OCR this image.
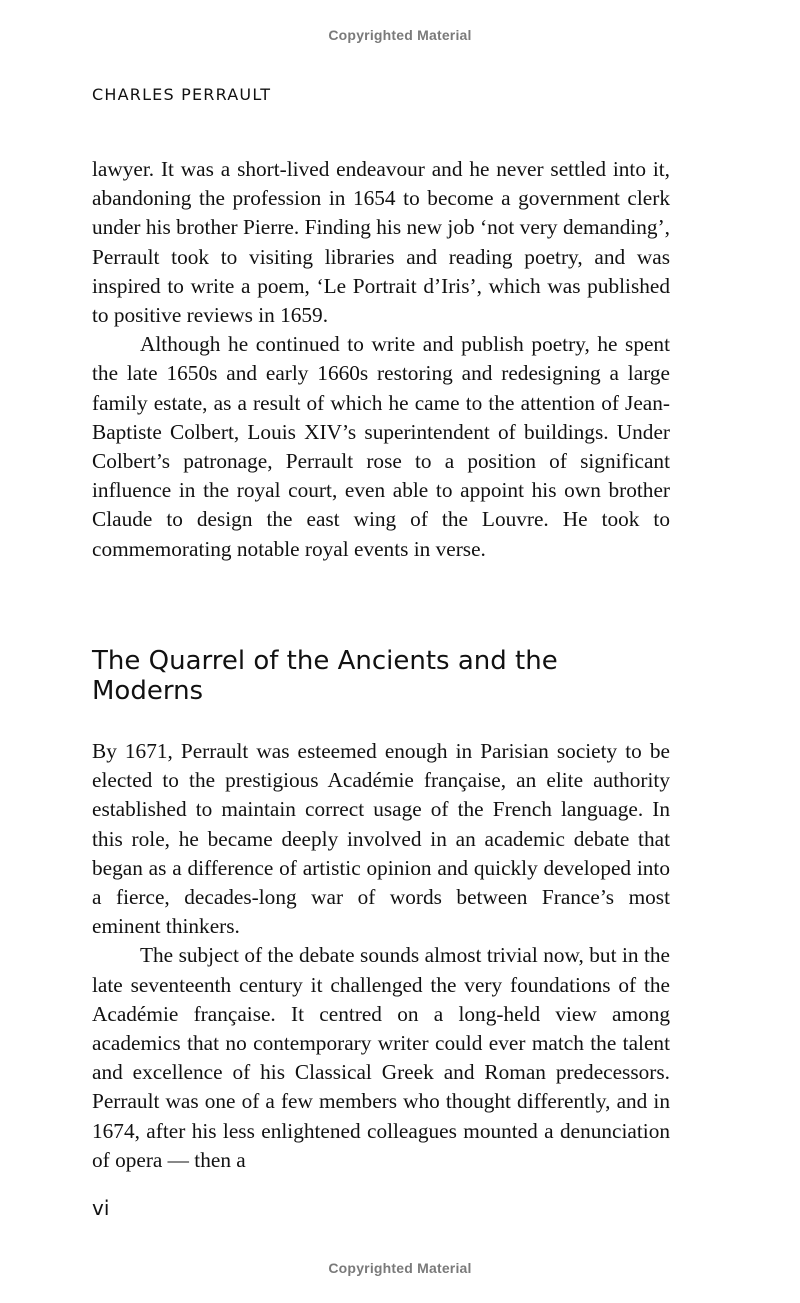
Copyrighted Material
CHARLES PERRAULT

lawyer. It was a short-lived endeavour and he never settled into it, abandoning the profession in 1654 to become a government clerk under his brother Pierre. Finding his new job ‘not very demanding’, Perrault took to visiting libraries and reading poetry, and was inspired to write a poem, ‘Le Portrait d’Iris’, which was published to positive reviews in 1659.

Although he continued to write and publish poetry, he spent the late 1650s and early 1660s restoring and redesigning a large family estate, as a result of which he came to the attention of Jean-Baptiste Colbert, Louis XIV’s superintendent of buildings. Under Colbert’s patronage, Perrault rose to a position of significant influence in the royal court, even able to appoint his own brother Claude to design the east wing of the Louvre. He took to commemorating notable royal events in verse.

The Quarrel of the Ancients and the Moderns

By 1671, Perrault was esteemed enough in Parisian society to be elected to the prestigious Académie française, an elite authority established to maintain correct usage of the French language. In this role, he became deeply involved in an academic debate that began as a difference of artistic opinion and quickly developed into a fierce, decades-long war of words between France’s most eminent thinkers.

The subject of the debate sounds almost trivial now, but in the late seventeenth century it challenged the very foundations of the Académie française. It centred on a long-held view among academics that no contemporary writer could ever match the talent and excellence of his Classical Greek and Roman predecessors. Perrault was one of a few members who thought differently, and in 1674, after his less enlightened colleagues mounted a denunciation of opera — then a

vi
Copyrighted Material
